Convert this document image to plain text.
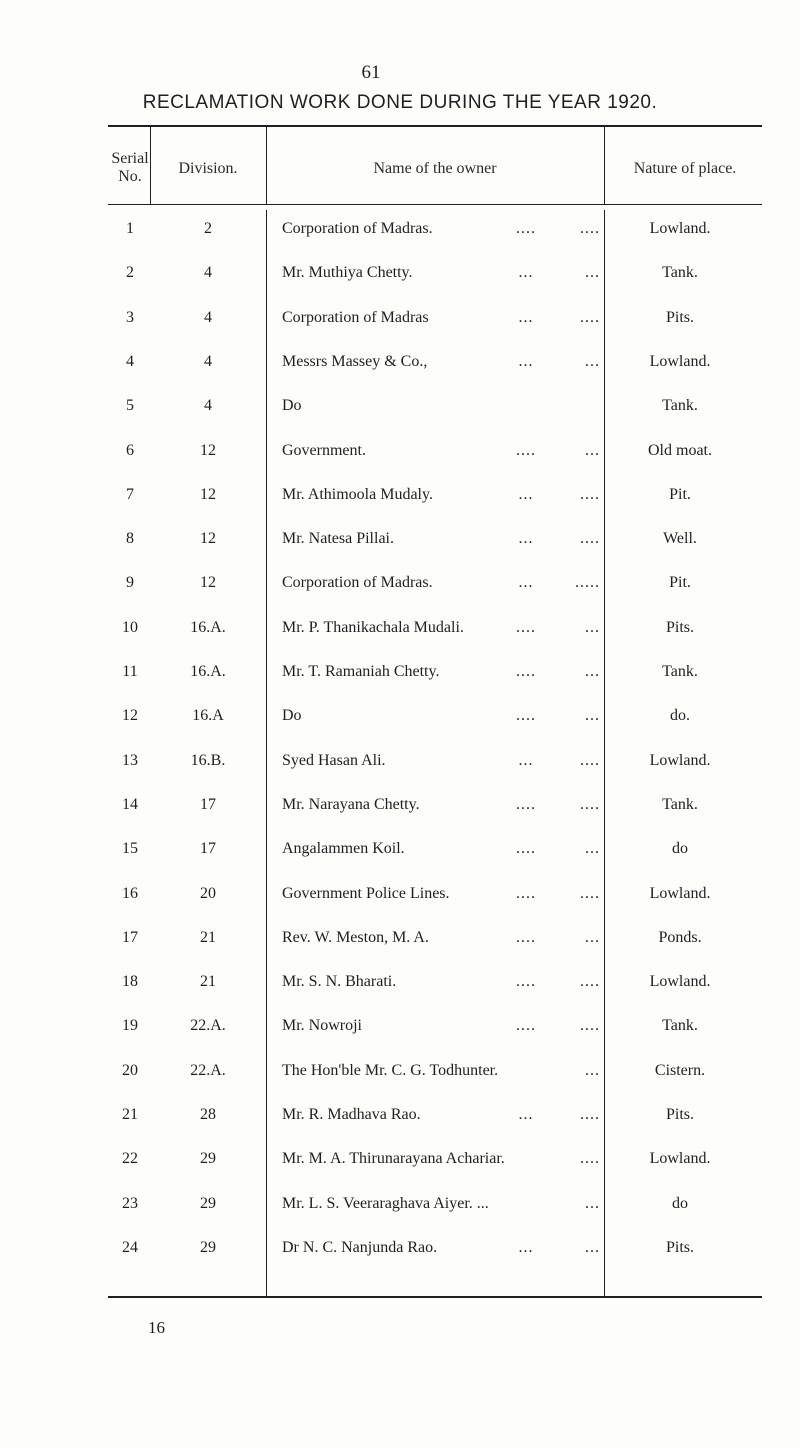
61
RECLAMATION WORK DONE DURING THE YEAR 1920.
Serial No.	Division.	Name of the owner	Nature of place.
1	2	Corporation of Madras.	....	....	Lowland.
2	4	Mr. Muthiya Chetty.	...	...	Tank.
3	4	Corporation of Madras	...	....	Pits.
4	4	Messrs Massey & Co.,	...	...	Lowland.
5	4	Do	Tank.
6	12	Government.	....	...	Old moat.
7	12	Mr. Athimoola Mudaly.	...	....	Pit.
8	12	Mr. Natesa Pillai.	...	....	Well.
9	12	Corporation of Madras.	...	.....	Pit.
10	16.A.	Mr. P. Thanikachala Mudali.	....	...	Pits.
11	16.A.	Mr. T. Ramaniah Chetty.	....	...	Tank.
12	16.A	Do	....	...	do.
13	16.B.	Syed Hasan Ali.	...	....	Lowland.
14	17	Mr. Narayana Chetty.	....	....	Tank.
15	17	Angalammen Koil.	....	...	do
16	20	Government Police Lines.	....	....	Lowland.
17	21	Rev. W. Meston, M. A.	....	...	Ponds.
18	21	Mr. S. N. Bharati.	....	....	Lowland.
19	22.A.	Mr. Nowroji	....	....	Tank.
20	22.A.	The Hon'ble Mr. C. G. Todhunter.	...	Cistern.
21	28	Mr. R. Madhava Rao.	...	....	Pits.
22	29	Mr. M. A. Thirunarayana Achariar.	....	Lowland.
23	29	Mr. L. S. Veeraraghava Aiyer. ...	...	do
24	29	Dr N. C. Nanjunda Rao.	...	...	Pits.
16
